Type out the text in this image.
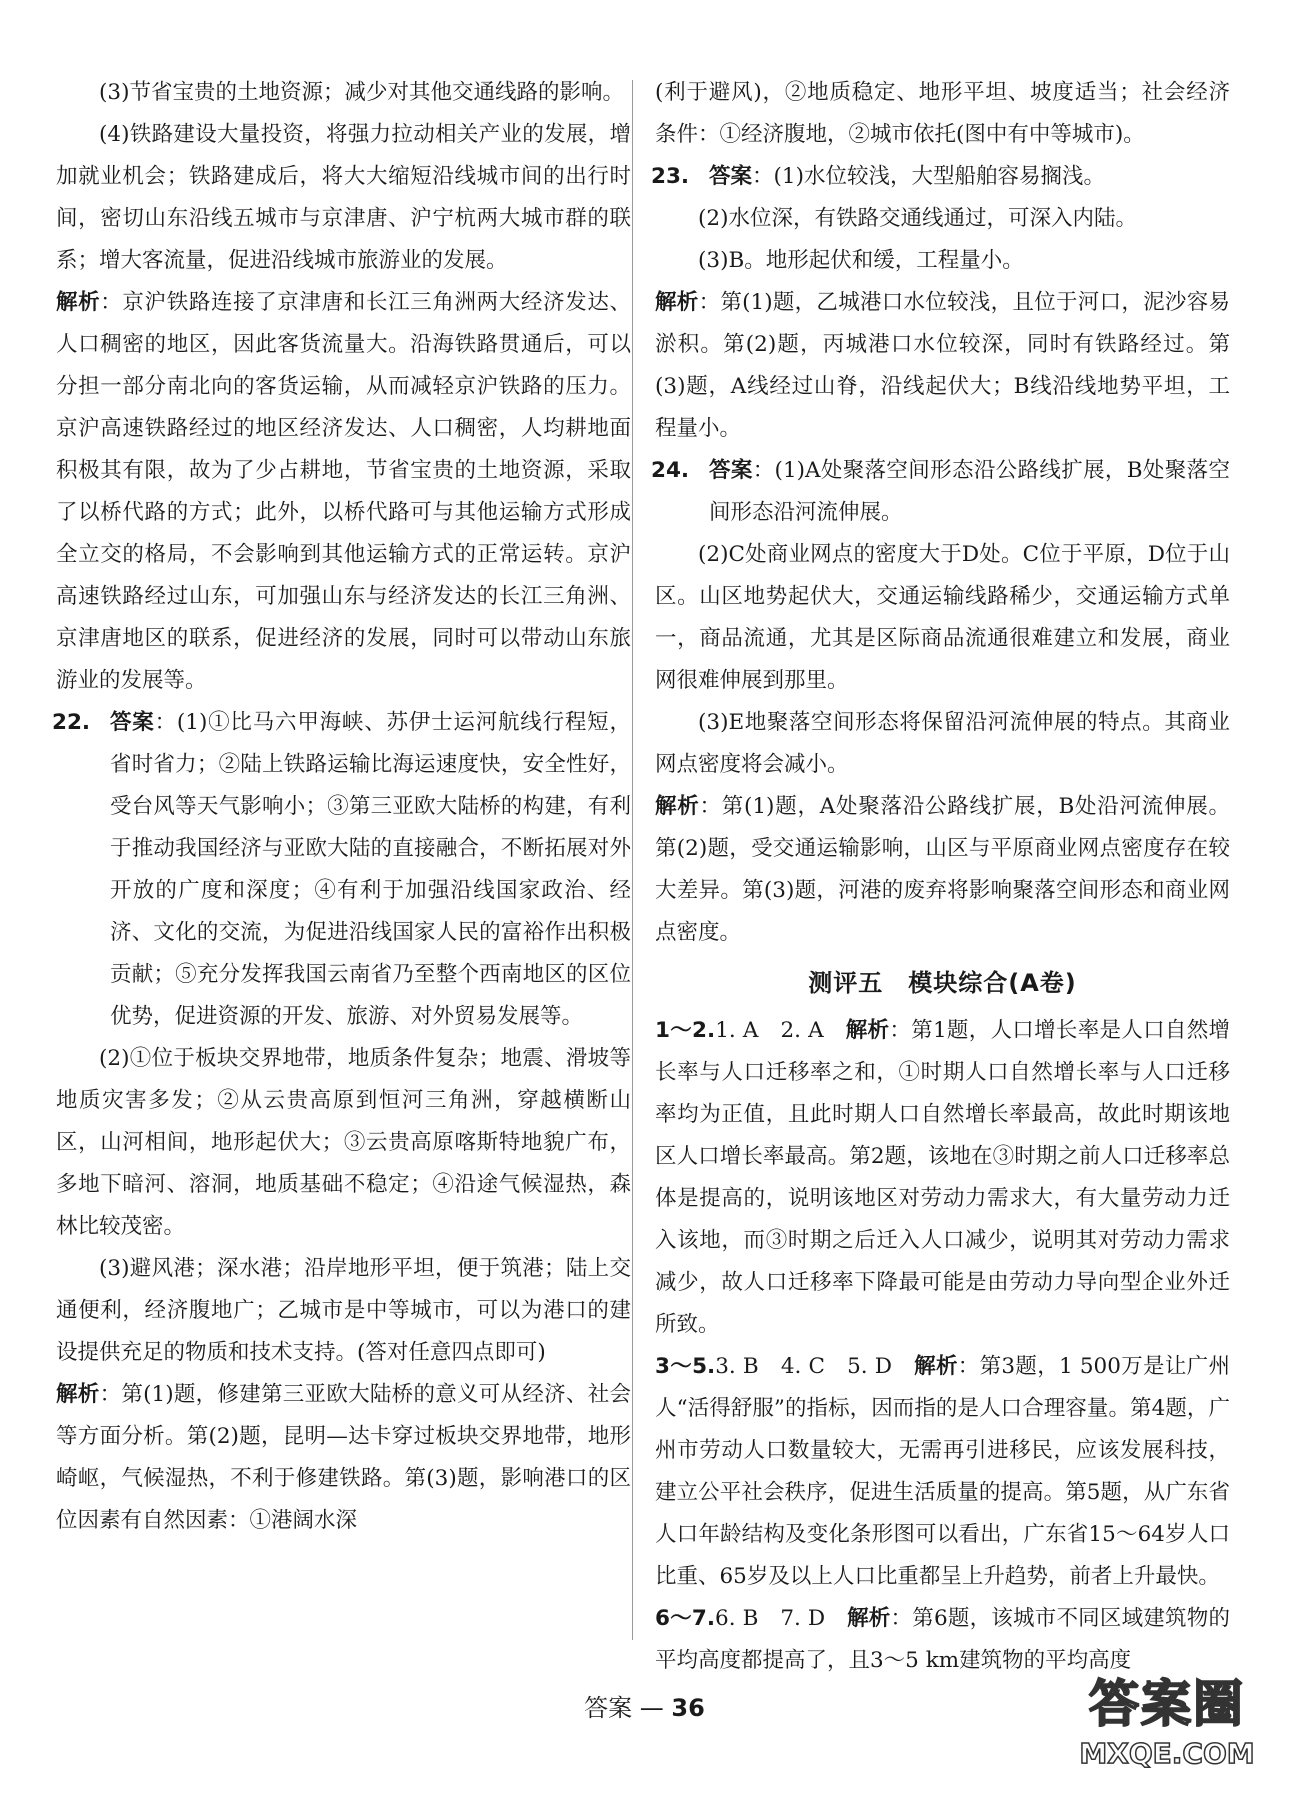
(3)节省宝贵的土地资源；减少对其他交通线路的影响。

(4)铁路建设大量投资，将强力拉动相关产业的发展，增加就业机会；铁路建成后，将大大缩短沿线城市间的出行时间，密切山东沿线五城市与京津唐、沪宁杭两大城市群的联系；增大客流量，促进沿线城市旅游业的发展。

解析：京沪铁路连接了京津唐和长江三角洲两大经济发达、人口稠密的地区，因此客货流量大。沿海铁路贯通后，可以分担一部分南北向的客货运输，从而减轻京沪铁路的压力。京沪高速铁路经过的地区经济发达、人口稠密，人均耕地面积极其有限，故为了少占耕地，节省宝贵的土地资源，采取了以桥代路的方式；此外，以桥代路可与其他运输方式形成全立交的格局，不会影响到其他运输方式的正常运转。京沪高速铁路经过山东，可加强山东与经济发达的长江三角洲、京津唐地区的联系，促进经济的发展，同时可以带动山东旅游业的发展等。

22. 答案：(1)①比马六甲海峡、苏伊士运河航线行程短，省时省力；②陆上铁路运输比海运速度快，安全性好，受台风等天气影响小；③第三亚欧大陆桥的构建，有利于推动我国经济与亚欧大陆的直接融合，不断拓展对外开放的广度和深度；④有利于加强沿线国家政治、经济、文化的交流，为促进沿线国家人民的富裕作出积极贡献；⑤充分发挥我国云南省乃至整个西南地区的区位优势，促进资源的开发、旅游、对外贸易发展等。

(2)①位于板块交界地带，地质条件复杂；地震、滑坡等地质灾害多发；②从云贵高原到恒河三角洲，穿越横断山区，山河相间，地形起伏大；③云贵高原喀斯特地貌广布，多地下暗河、溶洞，地质基础不稳定；④沿途气候湿热，森林比较茂密。

(3)避风港；深水港；沿岸地形平坦，便于筑港；陆上交通便利，经济腹地广；乙城市是中等城市，可以为港口的建设提供充足的物质和技术支持。(答对任意四点即可)

解析：第(1)题，修建第三亚欧大陆桥的意义可从经济、社会等方面分析。第(2)题，昆明—达卡穿过板块交界地带，地形崎岖，气候湿热，不利于修建铁路。第(3)题，影响港口的区位因素有自然因素：①港阔水深

(利于避风)，②地质稳定、地形平坦、坡度适当；社会经济条件：①经济腹地，②城市依托(图中有中等城市)。

23. 答案：(1)水位较浅，大型船舶容易搁浅。

(2)水位深，有铁路交通线通过，可深入内陆。

(3)B。地形起伏和缓，工程量小。

解析：第(1)题，乙城港口水位较浅，且位于河口，泥沙容易淤积。第(2)题，丙城港口水位较深，同时有铁路经过。第(3)题，A线经过山脊，沿线起伏大；B线沿线地势平坦，工程量小。

24. 答案：(1)A处聚落空间形态沿公路线扩展，B处聚落空间形态沿河流伸展。

(2)C处商业网点的密度大于D处。C位于平原，D位于山区。山区地势起伏大，交通运输线路稀少，交通运输方式单一，商品流通，尤其是区际商品流通很难建立和发展，商业网很难伸展到那里。

(3)E地聚落空间形态将保留沿河流伸展的特点。其商业网点密度将会减小。

解析：第(1)题，A处聚落沿公路线扩展，B处沿河流伸展。第(2)题，受交通运输影响，山区与平原商业网点密度存在较大差异。第(3)题，河港的废弃将影响聚落空间形态和商业网点密度。

测评五　模块综合(A卷)

1～2.1. A　2. A　解析：第1题，人口增长率是人口自然增长率与人口迁移率之和，①时期人口自然增长率与人口迁移率均为正值，且此时期人口自然增长率最高，故此时期该地区人口增长率最高。第2题，该地在③时期之前人口迁移率总体是提高的，说明该地区对劳动力需求大，有大量劳动力迁入该地，而③时期之后迁入人口减少，说明其对劳动力需求减少，故人口迁移率下降最可能是由劳动力导向型企业外迁所致。

3～5.3. B　4. C　5. D　解析：第3题，1 500万是让广州人“活得舒服”的指标，因而指的是人口合理容量。第4题，广州市劳动人口数量较大，无需再引进移民，应该发展科技，建立公平社会秩序，促进生活质量的提高。第5题，从广东省人口年龄结构及变化条形图可以看出，广东省15～64岁人口比重、65岁及以上人口比重都呈上升趋势，前者上升最快。

6～7.6. B　7. D　解析：第6题，该城市不同区域建筑物的平均高度都提高了，且3～5 km建筑物的平均高度

答案 — 36	答案圈
MXQE.COM
